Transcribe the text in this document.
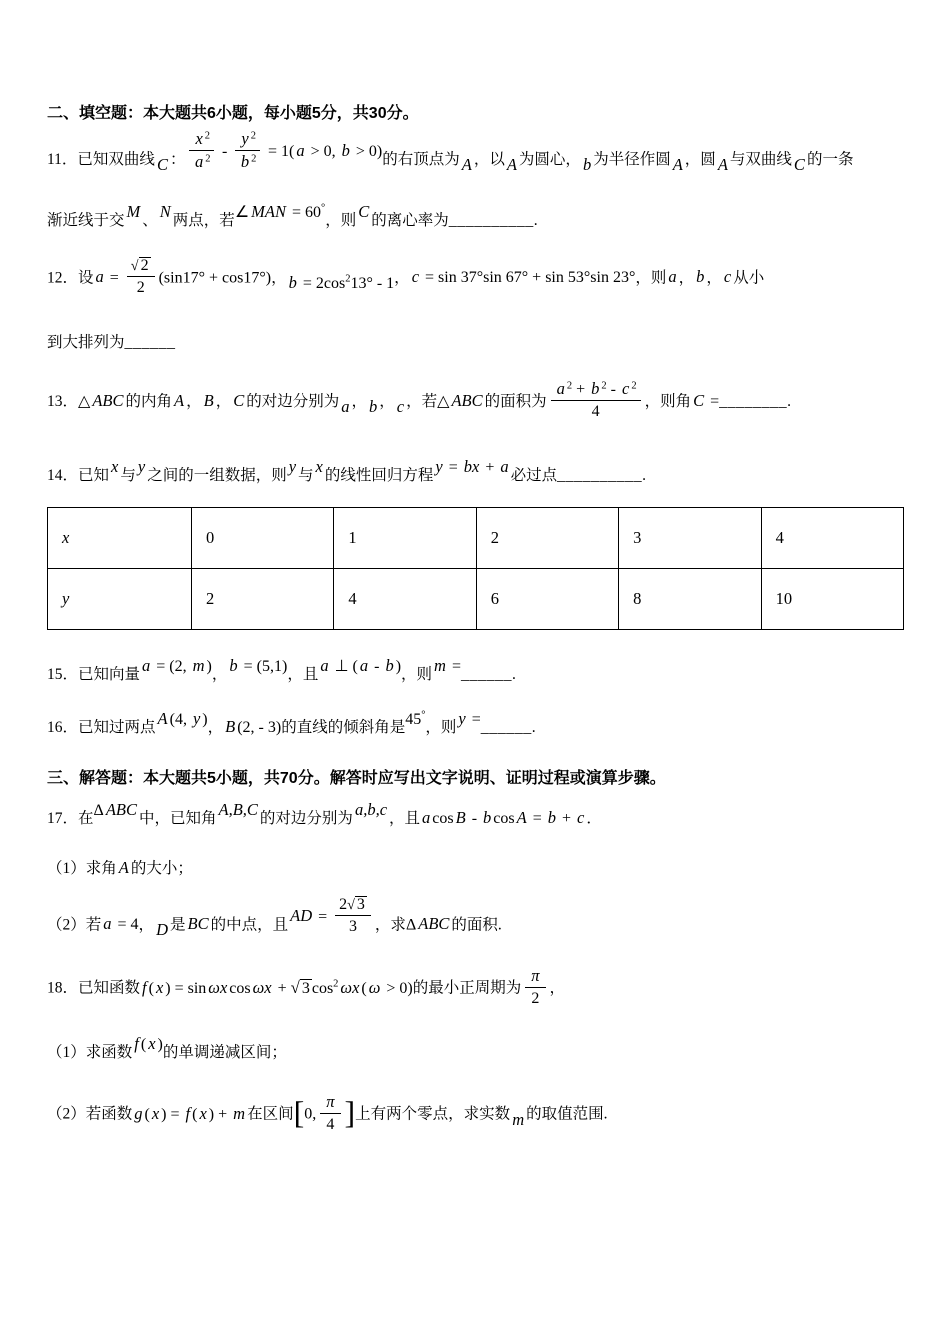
二、填空题：本大题共6小题，每小题5分，共30分。
11．已知双曲线 C ： $\frac{x ^2}{a ^2} - \frac{y ^2}{b ^2} = 1$( a > 0, b > 0)的右顶点为 A ，以 A 为圆心， b 为半径作圆 A ，圆 A 与双曲线 C 的一条
渐近线于交 M 、 N 两点，若∠ MAN = 60°，则 C 的离心率为__________.
12．设 $a = \frac{√ 2}{2} (\sin 17^\circ + \cos 17^\circ)$， $b = 2\cos^213^\circ - 1$， c = sin 37°sin 67° + sin 53°sin 23°，则 a ， b ， c 从小
到大排列为______
13．△ ABC 的内角 A ， B ， C 的对边分别为 a ， b ， c ，若△ ABC 的面积为 $\frac{a ^2 + b ^2 - c ^2}{4}$ ，则角 C =________.
14．已知 x 与 y 之间的一组数据，则 y 与 x 的线性回归方程 y = bx + a 必过点__________.
x	0	1	2	3	4
y	2	4	6	8	10
15．已知向量 a = (2, m )， b = (5,1)，且 a ⊥ ( a - b )，则 m =______.
16．已知过两点 A (4, y )， B (2, - 3)的直线的倾斜角是45°，则 y =______.
三、解答题：本大题共5小题，共70分。解答时应写出文字说明、证明过程或演算步骤。
17．在Δ ABC 中，已知角 A,B,C 的对边分别为 a,b,c ，且 a cos B - b cos A = b + c ．
（1）求角 A 的大小；
（2）若 a = 4， D 是 BC 的中点，且 AD = $\frac{2√ 3}{3}$ ，求Δ ABC 的面积.
18．已知函数 f ( x ) = sin ωx cos ωx + √ 3 $\cos^2 \omega x$ ( ω > 0)的最小正周期为 $\frac{\pi}{2}$ ，
（1）求函数 f ( x )的单调递减区间；
（2）若函数 g ( x ) = f ( x ) + m 在区间[0, $\frac{\pi}{4}$ ]上有两个零点，求实数 m 的取值范围.
